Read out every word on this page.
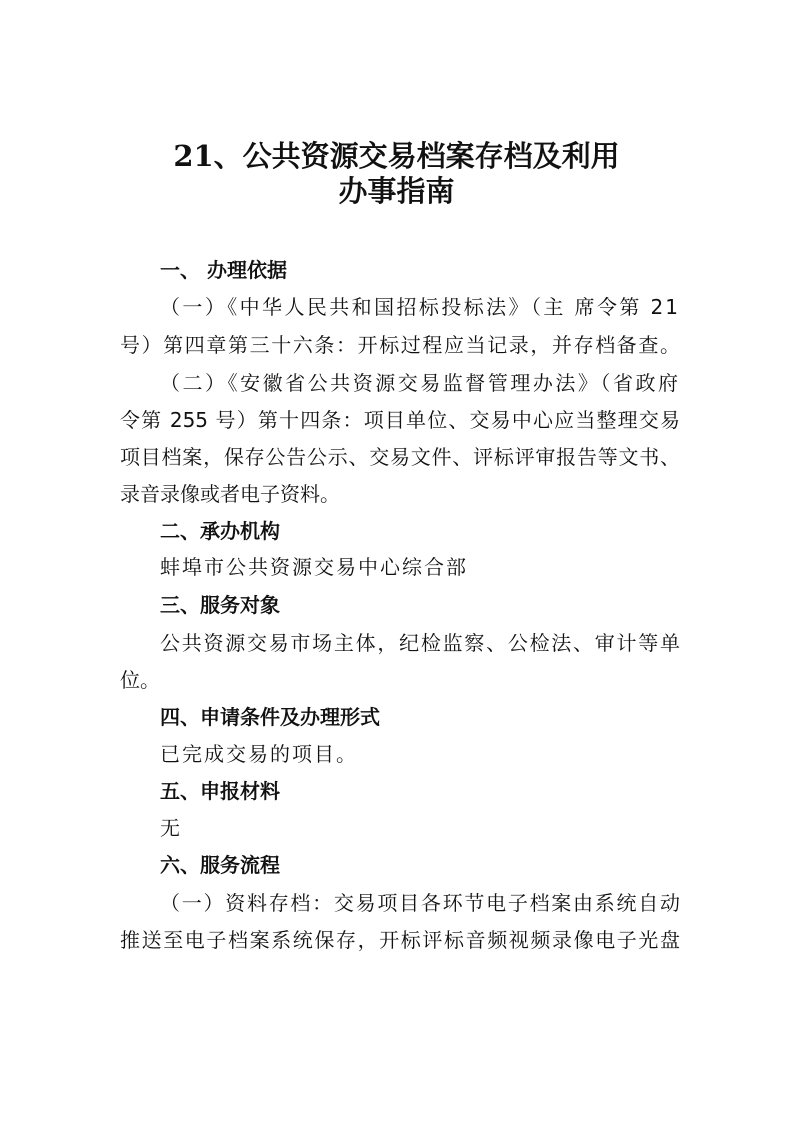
21、公共资源交易档案存档及利用
办事指南

一、 办理依据

（一）《中华人民共和国招标投标法》（主 席令第 21

号）第四章第三十六条：开标过程应当记录，并存档备查。

（二）《安徽省公共资源交易监督管理办法》（省政府

令第 255 号）第十四条：项目单位、交易中心应当整理交易

项目档案，保存公告公示、交易文件、评标评审报告等文书、

录音录像或者电子资料。

二、承办机构

蚌埠市公共资源交易中心综合部

三、服务对象

公共资源交易市场主体，纪检监察、公检法、审计等单

位。

四、申请条件及办理形式

已完成交易的项目。

五、申报材料

无

六、服务流程

（一）资料存档：交易项目各环节电子档案由系统自动

推送至电子档案系统保存，开标评标音频视频录像电子光盘
